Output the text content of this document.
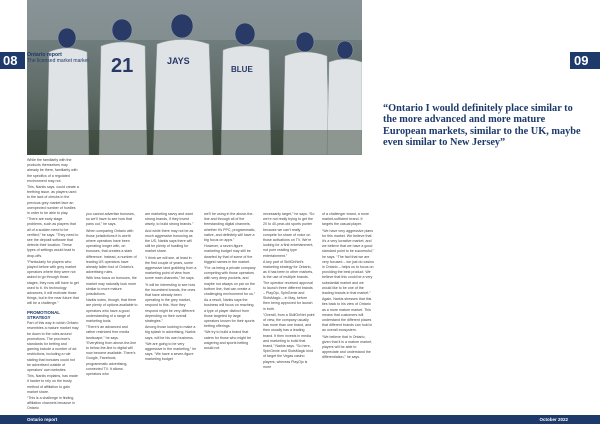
21	JAYS
BLUE
08	09
Ontario report
The licensed market market
“Ontario I would definitely place similar to the more advanced and more mature European markets, similar to the UK, maybe even similar to New Jersey”

While the familiarity with the products themselves may already be there, familiarity with the specifics of a regulated environment may not.

This, Narkis says, could create a teething issue, as players used to the lack of checks in the previous grey market face an unexpected number of hurdles in order to be able to play.

“There are early stage problems, such as players that all of a sudden need to be verified,” he says. “They need to see the deposit software that detects their location. These types of settings would lead to drop-offs.

“Particularly for players who played before with grey market operators where they were not asked to go through those stages, they now will have to get used to it. It’s technology advances, it will motivate those things, but in the near future that will be a challenge.”

PROMOTIONAL STRATEGY

Part of this way in which Ontario resembles a mature market may be down to the rules around promotions. The province’s standards for betting and gaming include a number of ad restrictions, including a rule stating that bonuses could not be advertised outside of operators’ own websites.

This, Narkis explains, has made it harder to rely on the trusty method of affiliation to gain market share.

“This is a challenge in finding affiliation channels because in Ontario

you cannot advertise bonuses, so we’ll have to see how that pans out,” he says.

When comparing Ontario with those jurisdictions it is worth where operators have been operating longer with, on bonuses, that creates a stark difference. Instead, a number of leading US operators have already fallen foul of Ontario’s advertising rules.

With less focus on bonuses, the market may naturally look more similar to more mature jurisdictions.

Narkis notes, though, that there are plenty of options available to operators who have a good understanding of a range of marketing tools.

“There’s an advanced and rather restricted free media landscape,” he says. “Everything from above-the-line to below-the-line to digital will now become available. There’s Google, Facebook, programmatic advertising, connected TV. It allows operators who

are marketing savvy and want strong brands, if they invest wisely, to build strong brands.”

And while there may not be as much aggressive bonusing as the US, Narkis says there will still be plenty of hustling for market share.

“I think we will see, at least in the first couple of years, some aggressive land grabbing from a marketing point of view from some main channels,” he says.

“It will be interesting to see how the incumbent brands, the ones that have already been operating in the grey market, respond to this. How they respond might be very different depending on their overall strategies.”

Among those looking to make a big splash in advertising, Narkis says, will be his own business.

“We are going to be very aggressive in the marketing,” he says. “We have a seven-figure marketing budget

we’ll be using in the above-the-line and through all of the freestanding digital channels, whether it’s PPC, programmatic, native, and definitely will have a big focus on apps.”

However, a seven-figure marketing budget may still be dwarfed by that of some of the biggest names in the market.

“For us being a private company competing with those operators with very deep pockets, and maybe not always on par on the bottom line, that can create a challenging environment for us.”

As a result, Narkis says the business will focus on reaching a type of player distinct from those targeted by large operators known for their sports betting offerings.

“We try to build a brand that caters for those who might be wagering and sports betting would not

necessarily target,” he says. “So we’re not really trying to get the 20 to 40-year-old sports punter because we can’t really compete for share of voice on those activations on TV. We’re looking for a first entertainment, not pure reading type entertainment.”

A key part of SkillOnNet’s marketing strategy for Ontario, as it has been in other markets, is the use of multiple brands. The operator received approval to launch three different brands – PlayOjo, SpinGenie and SlotsMagic – in May, before then being approved for launch in both.

“Overall, from a SkillOnNet point of view, the company usually has more than one brand, and then usually has a leading brand. It then invests in media and marketing to build that brand,” Narkis says. “So here, SpinGenie and SlotsMagic kind of target the Vegas casino players, whereas PlayOjo is more

of a challenger brand, a more market-sufficient brand. It targets the casual player.

“We have very aggressive plans for this market. We believe that it’s a very lucrative market, and we believe that we have a good standard point to be successful,” he says. “The fact that we are very focused – we just do casino in Ontario – helps us to focus on providing the best product. We believe that this could be a very substantial market and we would like to be one of the leading brands in that market.”

Again, Narkis stresses that this ties back to his view of Ontario as a more mature market. This means that customers will understand the different places that different brands can hold in an overall ecosystem.

“We believe that in Ontario, given that it is a mature market, players will be able to appreciate and understand the differentiation,” he says.

Ontario report	October 2022
